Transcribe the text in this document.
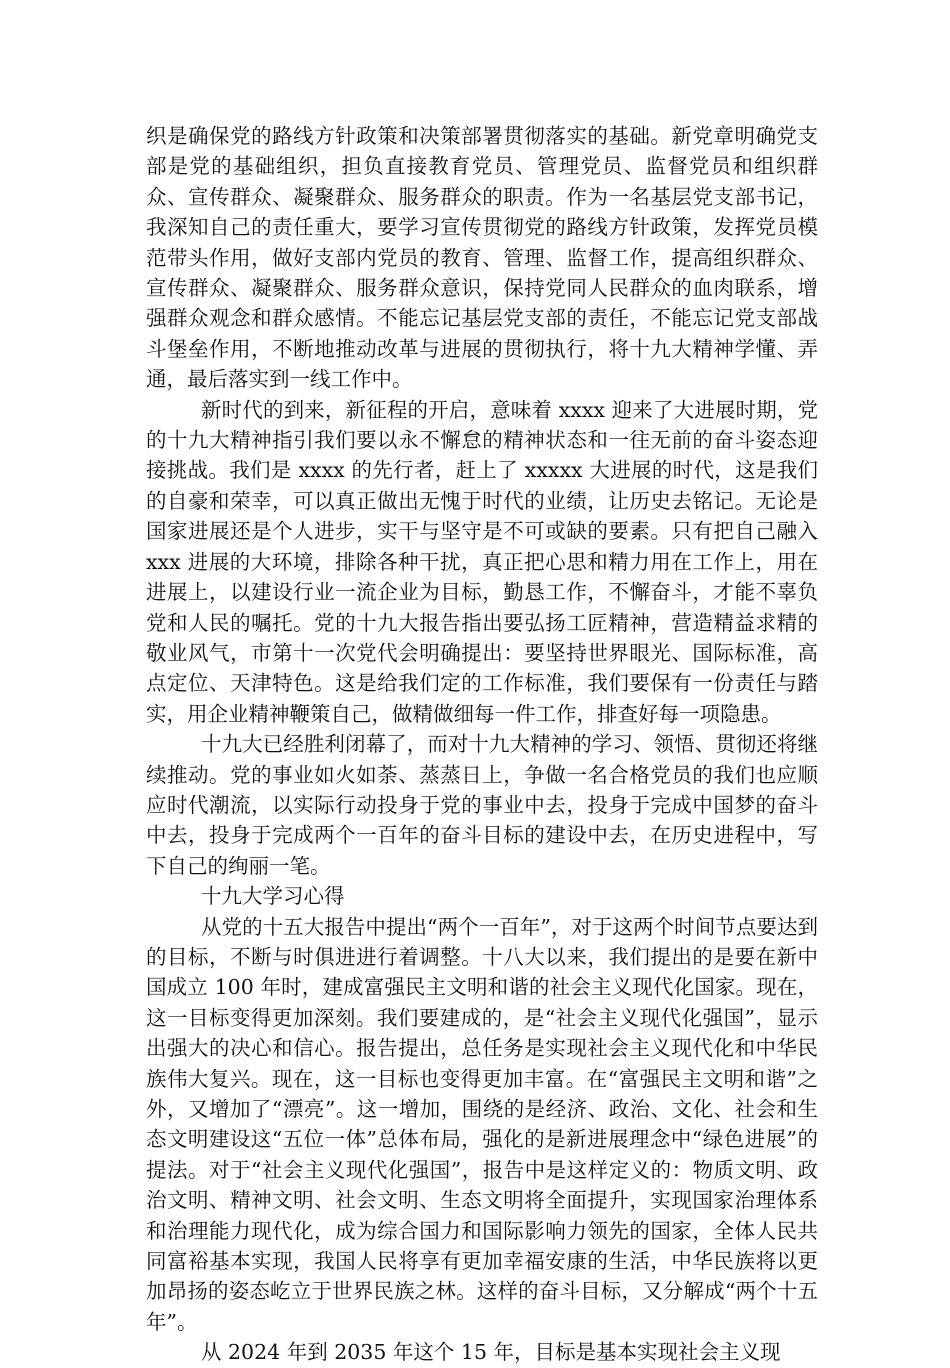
织是确保党的路线方针政策和决策部署贯彻落实的基础。新党章明确党支部是党的基础组织，担负直接教育党员、管理党员、监督党员和组织群众、宣传群众、凝聚群众、服务群众的职责。作为一名基层党支部书记，我深知自己的责任重大，要学习宣传贯彻党的路线方针政策，发挥党员模范带头作用，做好支部内党员的教育、管理、监督工作，提高组织群众、宣传群众、凝聚群众、服务群众意识，保持党同人民群众的血肉联系，增强群众观念和群众感情。不能忘记基层党支部的责任，不能忘记党支部战斗堡垒作用，不断地推动改革与进展的贯彻执行，将十九大精神学懂、弄通，最后落实到一线工作中。

新时代的到来，新征程的开启，意味着 xxxx 迎来了大进展时期，党的十九大精神指引我们要以永不懈怠的精神状态和一往无前的奋斗姿态迎接挑战。我们是 xxxx 的先行者，赶上了 xxxxx 大进展的时代，这是我们的自豪和荣幸，可以真正做出无愧于时代的业绩，让历史去铭记。无论是国家进展还是个人进步，实干与坚守是不可或缺的要素。只有把自己融入 xxx 进展的大环境，排除各种干扰，真正把心思和精力用在工作上，用在进展上，以建设行业一流企业为目标，勤恳工作，不懈奋斗，才能不辜负党和人民的嘱托。党的十九大报告指出要弘扬工匠精神，营造精益求精的敬业风气，市第十一次党代会明确提出：要坚持世界眼光、国际标准，高点定位、天津特色。这是给我们定的工作标准，我们要保有一份责任与踏实，用企业精神鞭策自己，做精做细每一件工作，排查好每一项隐患。

十九大已经胜利闭幕了，而对十九大精神的学习、领悟、贯彻还将继续推动。党的事业如火如荼、蒸蒸日上，争做一名合格党员的我们也应顺应时代潮流，以实际行动投身于党的事业中去，投身于完成中国梦的奋斗中去，投身于完成两个一百年的奋斗目标的建设中去，在历史进程中，写下自己的绚丽一笔。

十九大学习心得

从党的十五大报告中提出“两个一百年”，对于这两个时间节点要达到的目标，不断与时俱进进行着调整。十八大以来，我们提出的是要在新中国成立 100 年时，建成富强民主文明和谐的社会主义现代化国家。现在，这一目标变得更加深刻。我们要建成的，是“社会主义现代化强国”，显示出强大的决心和信心。报告提出，总任务是实现社会主义现代化和中华民族伟大复兴。现在，这一目标也变得更加丰富。在“富强民主文明和谐”之外，又增加了“漂亮”。这一增加，围绕的是经济、政治、文化、社会和生态文明建设这“五位一体”总体布局，强化的是新进展理念中“绿色进展”的提法。对于“社会主义现代化强国”，报告中是这样定义的：物质文明、政治文明、精神文明、社会文明、生态文明将全面提升，实现国家治理体系和治理能力现代化，成为综合国力和国际影响力领先的国家，全体人民共同富裕基本实现，我国人民将享有更加幸福安康的生活，中华民族将以更加昂扬的姿态屹立于世界民族之林。这样的奋斗目标，又分解成“两个十五年”。

从 2024 年到 2035 年这个 15 年，目标是基本实现社会主义现
